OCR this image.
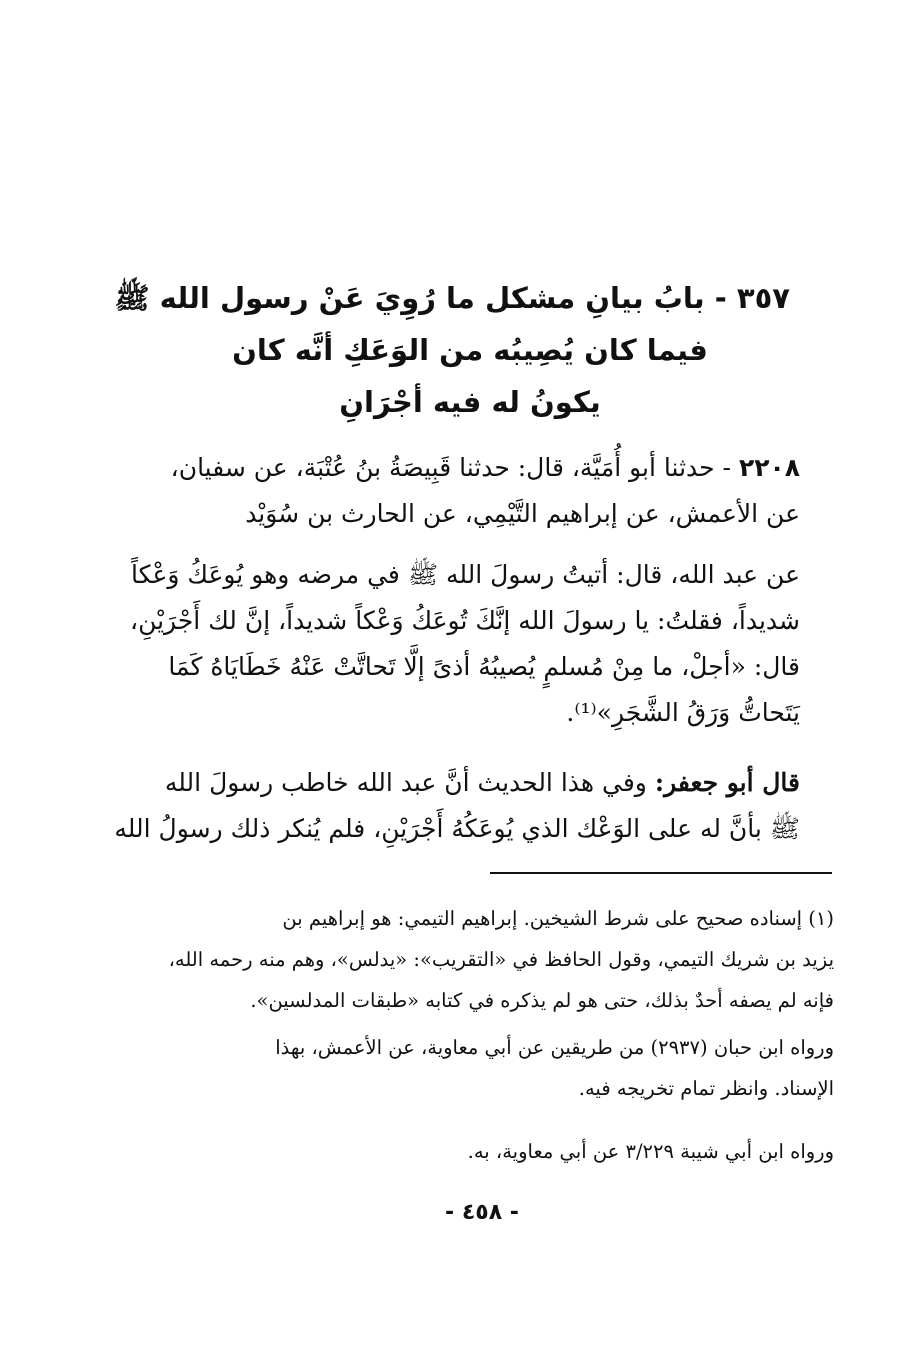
٣٥٧ - بابُ بيانِ مشكل ما رُوِيَ عَنْ رسول الله ﷺ
فيما كان يُصِيبُه من الوَعَكِ أنَّه كان
يكونُ له فيه أجْرَانِ
٢٢٠٨ - حدثنا أبو أُمَيَّة، قال: حدثنا قَبِيصَةُ بنُ عُتْبَة، عن سفيان،
عن الأعمش، عن إبراهيم التَّيْمِي، عن الحارث بن سُوَيْد
عن عبد الله، قال: أتيتُ رسولَ الله ﷺ في مرضه وهو يُوعَكُ وَعْكاً
شديداً، فقلتُ: يا رسولَ الله إنَّكَ تُوعَكُ وَعْكاً شديداً، إنَّ لك أَجْرَيْنِ،
قال: «أجلْ، ما مِنْ مُسلمٍ يُصيبُهُ أذىً إلَّا تَحاتَّتْ عَنْهُ خَطَايَاهُ كَمَا
يَتَحاتُّ وَرَقُ الشَّجَرِ»⁽¹⁾.
قال أبو جعفر: وفي هذا الحديث أنَّ عبد الله خاطب رسولَ الله
ﷺ بأنَّ له على الوَعْك الذي يُوعَكُهُ أَجْرَيْنِ، فلم يُنكر ذلك رسولُ الله
(١) إسناده صحيح على شرط الشيخين. إبراهيم التيمي: هو إبراهيم بن
يزيد بن شريك التيمي، وقول الحافظ في «التقريب»: «يدلس»، وهم منه رحمه الله،
فإنه لم يصفه أحدٌ بذلك، حتى هو لم يذكره في كتابه «طبقات المدلسين».
ورواه ابن حبان (٢٩٣٧) من طريقين عن أبي معاوية، عن الأعمش، بهذا
الإسناد. وانظر تمام تخريجه فيه.
ورواه ابن أبي شيبة ٣/٢٢٩ عن أبي معاوية، به.
- ٤٥٨ -
